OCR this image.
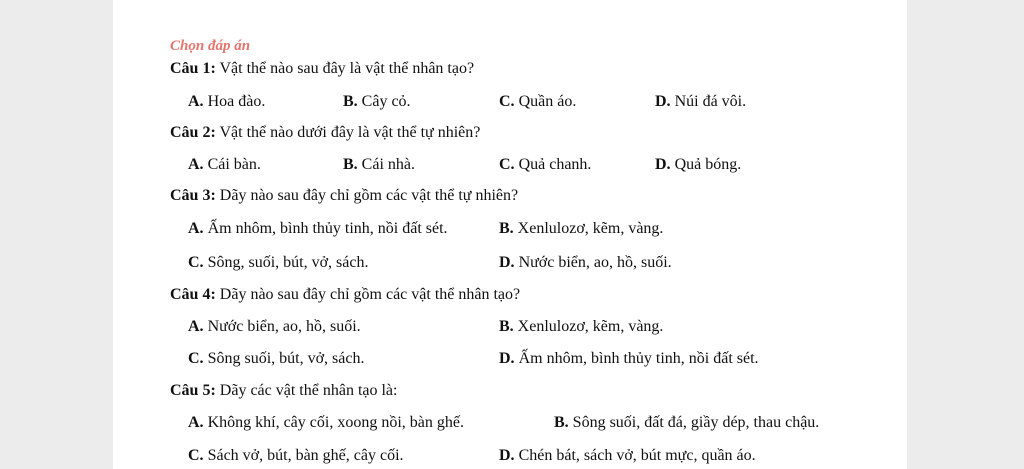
Chọn đáp án
Câu 1: Vật thể nào sau đây là vật thể nhân tạo?
A. Hoa đào.	B. Cây cỏ.	C. Quần áo.	D. Núi đá vôi.
Câu 2: Vật thể nào dưới đây là vật thể tự nhiên?
A. Cái bàn.	B. Cái nhà.	C. Quả chanh.	D. Quả bóng.
Câu 3: Dãy nào sau đây chỉ gồm các vật thể tự nhiên?
A. Ấm nhôm, bình thủy tinh, nồi đất sét.	B. Xenlulozơ, kẽm, vàng.
C. Sông, suối, bút, vở, sách.	D. Nước biển, ao, hồ, suối.
Câu 4: Dãy nào sau đây chỉ gồm các vật thể nhân tạo?
A. Nước biển, ao, hồ, suối.	B. Xenlulozơ, kẽm, vàng.
C. Sông suối, bút, vở, sách.	D. Ấm nhôm, bình thủy tinh, nồi đất sét.
Câu 5: Dãy các vật thể nhân tạo là:
A. Không khí, cây cối, xoong nồi, bàn ghế.	B. Sông suối, đất đá, giầy dép, thau chậu.
C. Sách vở, bút, bàn ghế, cây cối.	D. Chén bát, sách vở, bút mực, quần áo.
